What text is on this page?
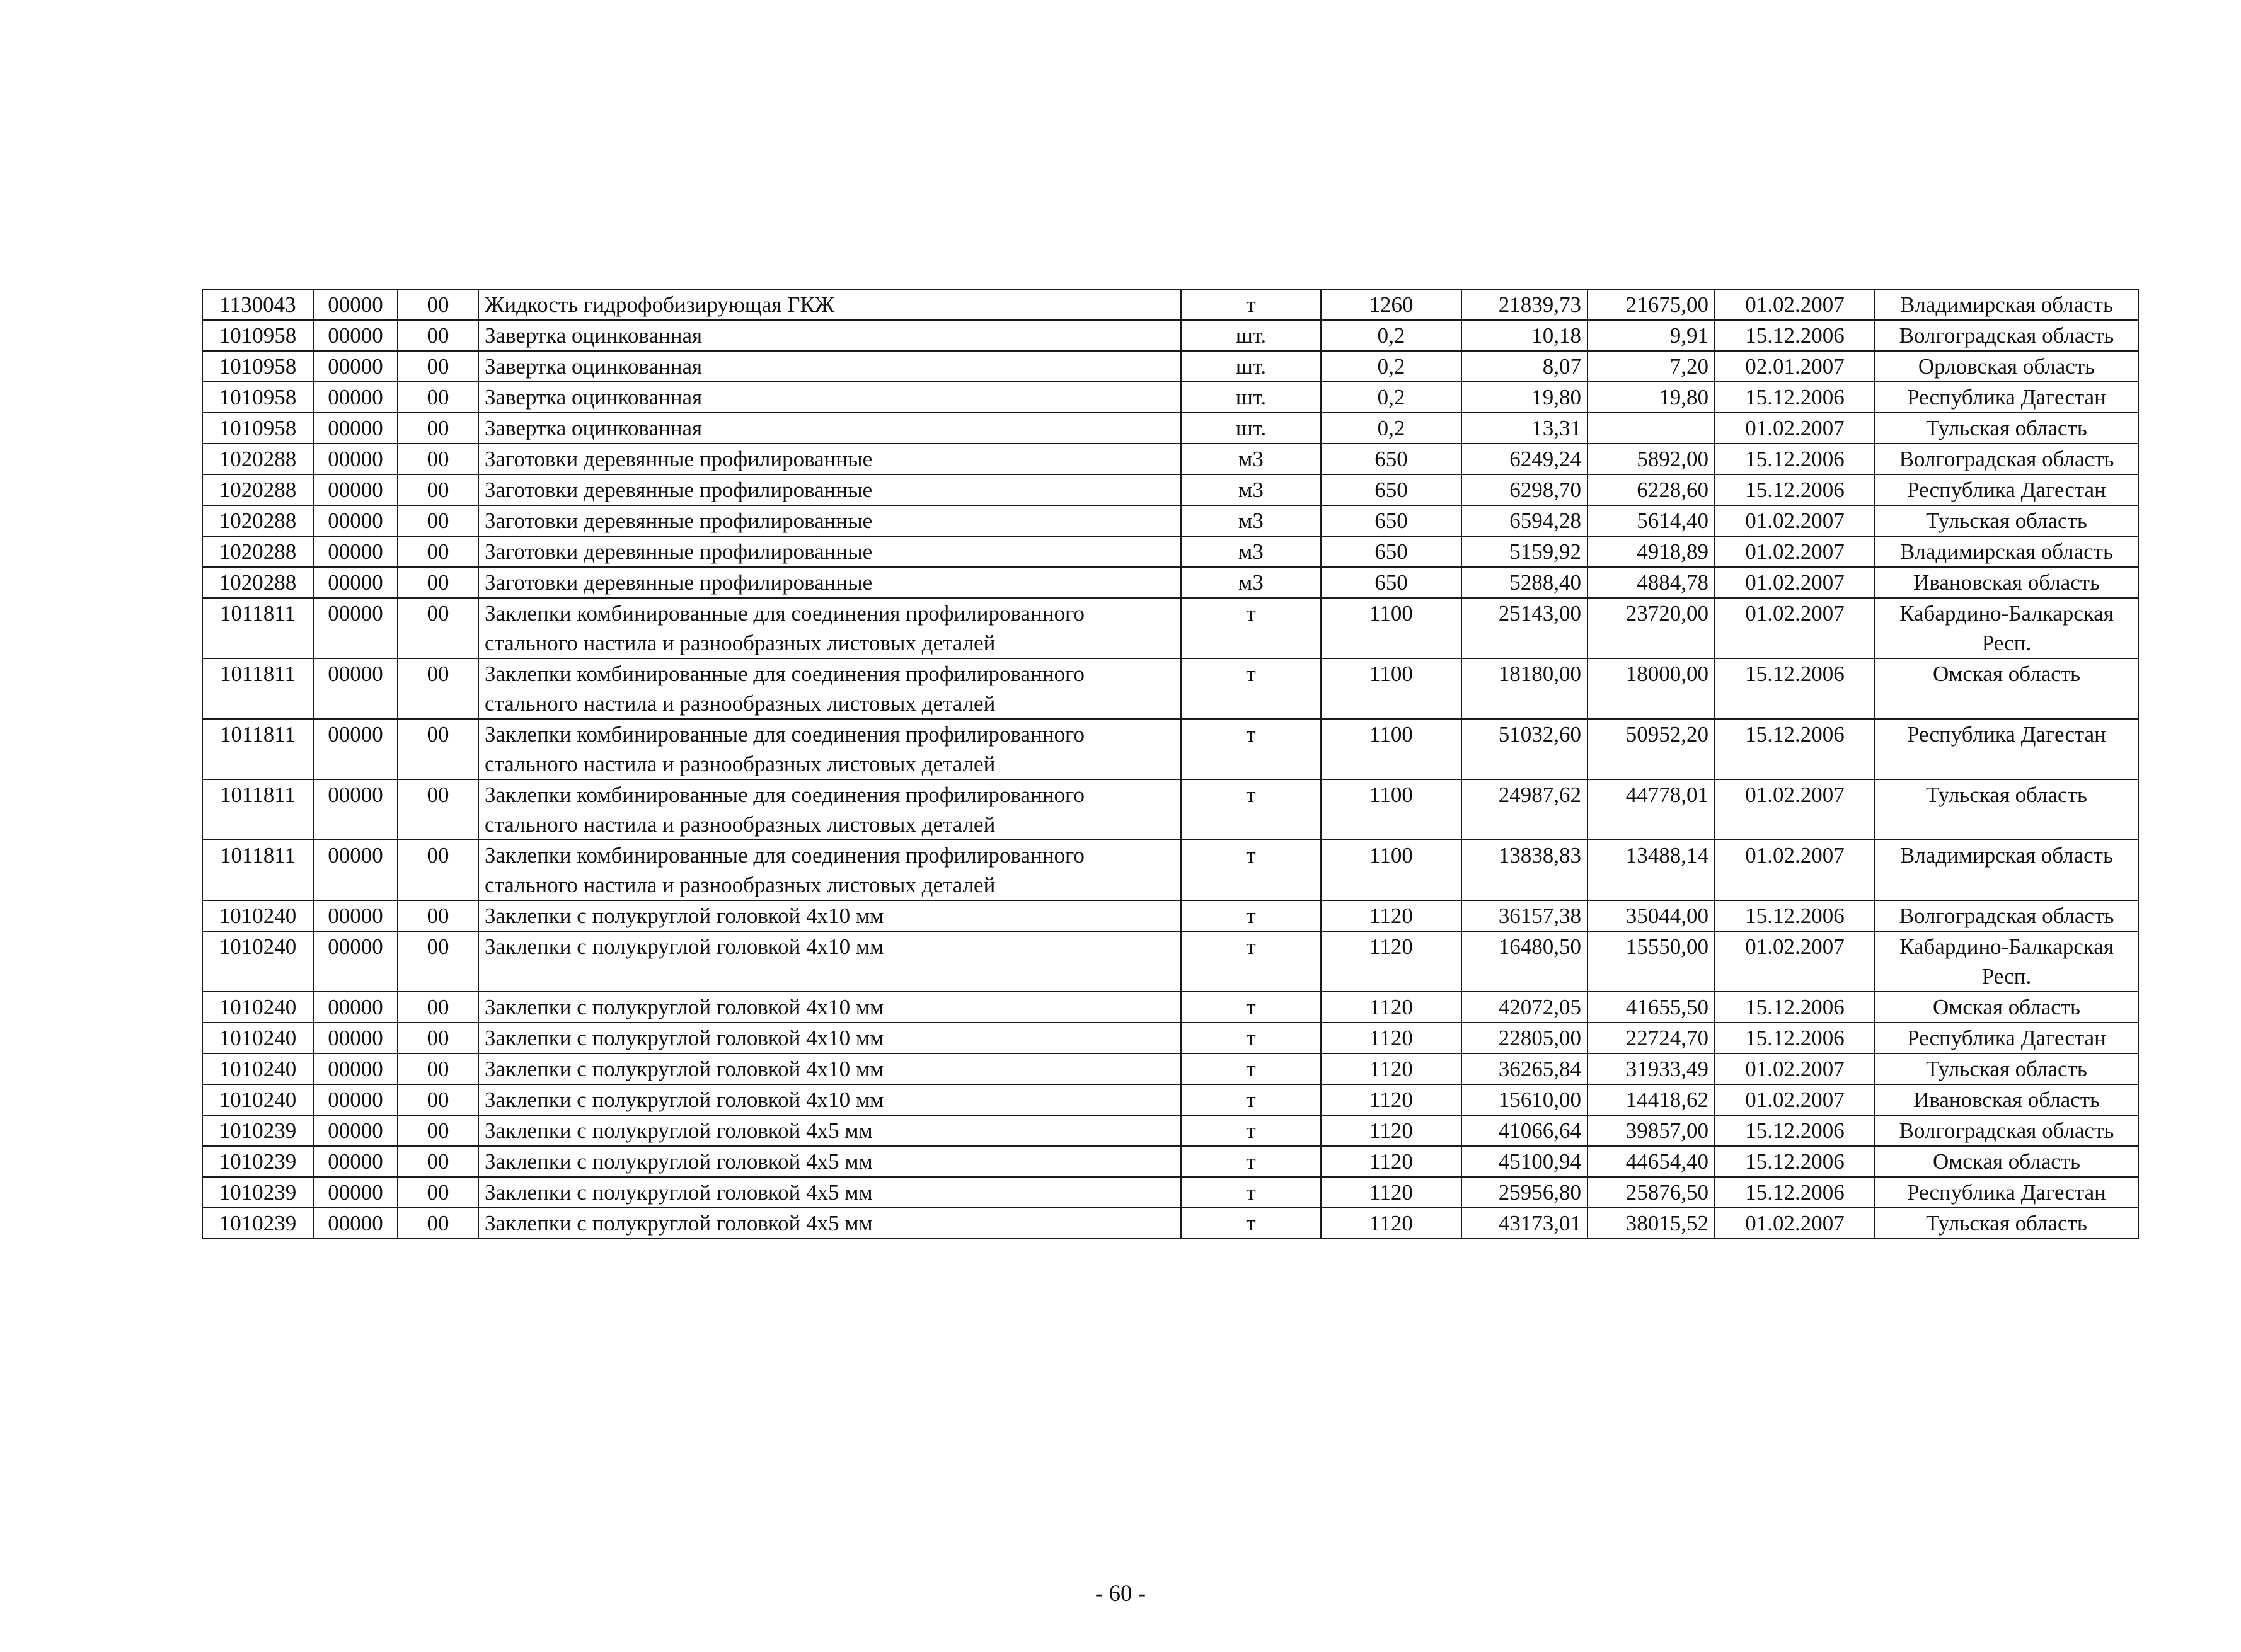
1130043	00000	00	Жидкость гидрофобизирующая ГКЖ	т	1260	21839,73	21675,00	01.02.2007	Владимирская область
1010958	00000	00	Завертка оцинкованная	шт.	0,2	10,18	9,91	15.12.2006	Волгоградская область
1010958	00000	00	Завертка оцинкованная	шт.	0,2	8,07	7,20	02.01.2007	Орловская область
1010958	00000	00	Завертка оцинкованная	шт.	0,2	19,80	19,80	15.12.2006	Республика Дагестан
1010958	00000	00	Завертка оцинкованная	шт.	0,2	13,31		01.02.2007	Тульская область
1020288	00000	00	Заготовки деревянные профилированные	м3	650	6249,24	5892,00	15.12.2006	Волгоградская область
1020288	00000	00	Заготовки деревянные профилированные	м3	650	6298,70	6228,60	15.12.2006	Республика Дагестан
1020288	00000	00	Заготовки деревянные профилированные	м3	650	6594,28	5614,40	01.02.2007	Тульская область
1020288	00000	00	Заготовки деревянные профилированные	м3	650	5159,92	4918,89	01.02.2007	Владимирская область
1020288	00000	00	Заготовки деревянные профилированные	м3	650	5288,40	4884,78	01.02.2007	Ивановская область
1011811	00000	00	Заклепки комбинированные для соединения профилированного стального настила и разнообразных листовых деталей	т	1100	25143,00	23720,00	01.02.2007	Кабардино-Балкарская Респ.
1011811	00000	00	Заклепки комбинированные для соединения профилированного стального настила и разнообразных листовых деталей	т	1100	18180,00	18000,00	15.12.2006	Омская область
1011811	00000	00	Заклепки комбинированные для соединения профилированного стального настила и разнообразных листовых деталей	т	1100	51032,60	50952,20	15.12.2006	Республика Дагестан
1011811	00000	00	Заклепки комбинированные для соединения профилированного стального настила и разнообразных листовых деталей	т	1100	24987,62	44778,01	01.02.2007	Тульская область
1011811	00000	00	Заклепки комбинированные для соединения профилированного стального настила и разнообразных листовых деталей	т	1100	13838,83	13488,14	01.02.2007	Владимирская область
1010240	00000	00	Заклепки с полукруглой головкой 4х10 мм	т	1120	36157,38	35044,00	15.12.2006	Волгоградская область
1010240	00000	00	Заклепки с полукруглой головкой 4х10 мм	т	1120	16480,50	15550,00	01.02.2007	Кабардино-Балкарская Респ.
1010240	00000	00	Заклепки с полукруглой головкой 4х10 мм	т	1120	42072,05	41655,50	15.12.2006	Омская область
1010240	00000	00	Заклепки с полукруглой головкой 4х10 мм	т	1120	22805,00	22724,70	15.12.2006	Республика Дагестан
1010240	00000	00	Заклепки с полукруглой головкой 4х10 мм	т	1120	36265,84	31933,49	01.02.2007	Тульская область
1010240	00000	00	Заклепки с полукруглой головкой 4х10 мм	т	1120	15610,00	14418,62	01.02.2007	Ивановская область
1010239	00000	00	Заклепки с полукруглой головкой 4х5 мм	т	1120	41066,64	39857,00	15.12.2006	Волгоградская область
1010239	00000	00	Заклепки с полукруглой головкой 4х5 мм	т	1120	45100,94	44654,40	15.12.2006	Омская область
1010239	00000	00	Заклепки с полукруглой головкой 4х5 мм	т	1120	25956,80	25876,50	15.12.2006	Республика Дагестан
1010239	00000	00	Заклепки с полукруглой головкой 4х5 мм	т	1120	43173,01	38015,52	01.02.2007	Тульская область
- 60 -
